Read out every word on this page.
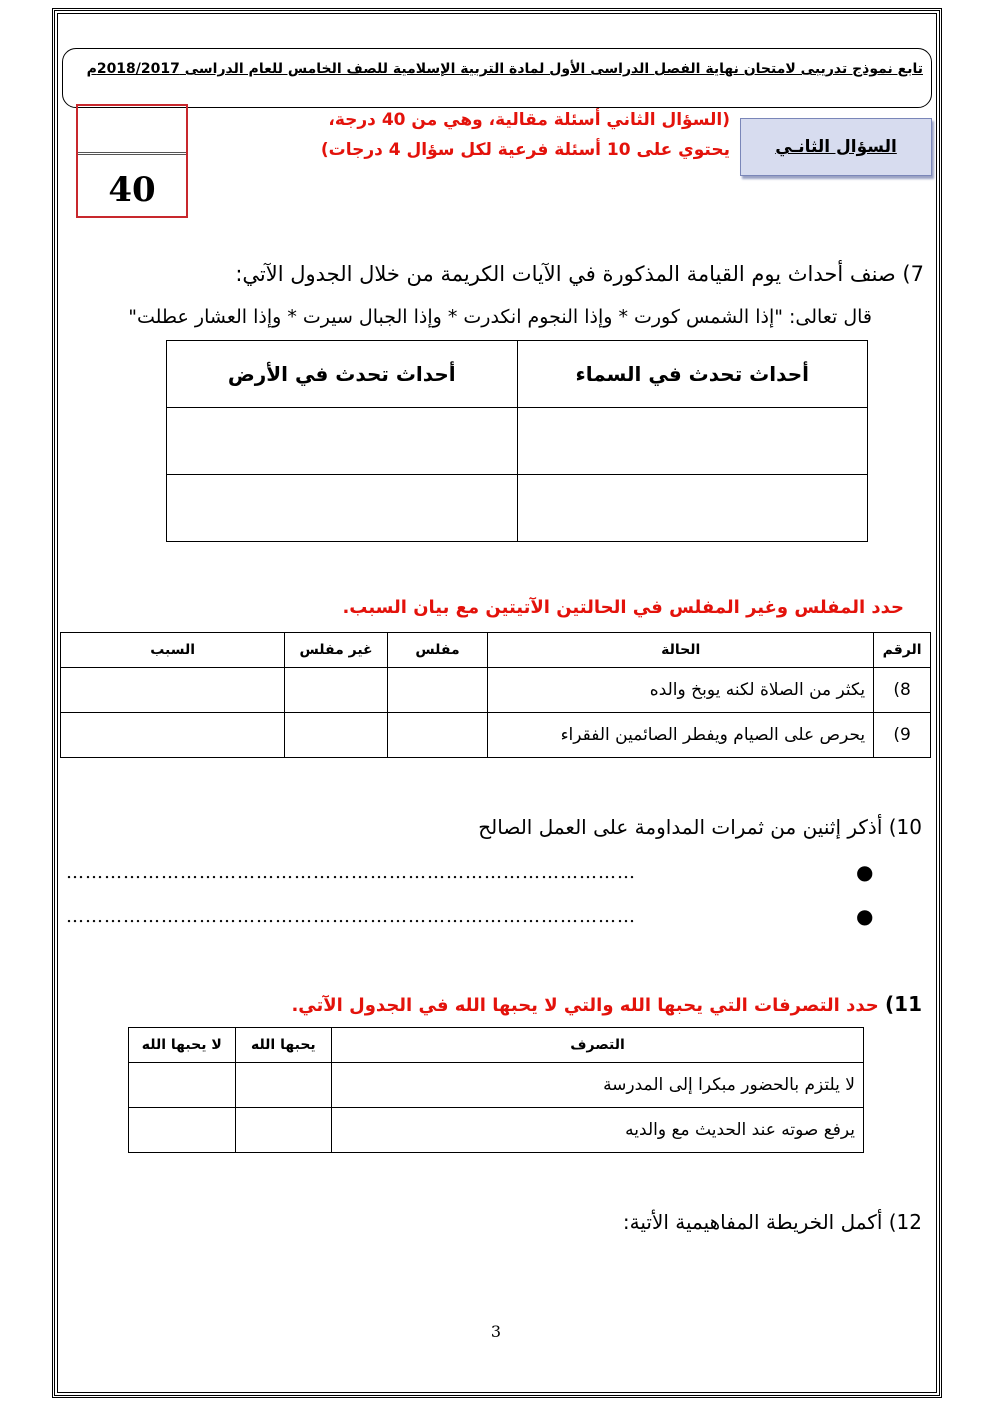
تابع نموذج تدريبى لامتحان نهاية الفصل الدراسى الأول لمادة التربية الإسلامية للصف الخامس للعام الدراسى 2018/2017م
السؤال الثانـي
(السؤال الثاني أسئلة مقالية، وهي من 40 درجة،
يحتوي على 10 أسئلة فرعية لكل سؤال 4 درجات)
40
7) صنف أحداث يوم القيامة المذكورة في الآيات الكريمة من خلال الجدول الآتي:
قال تعالى: "إذا الشمس كورت * وإذا النجوم انكدرت * وإذا الجبال سيرت * وإذا العشار عطلت"
أحداث تحدث في السماء	أحداث تحدث في الأرض

حدد المفلس وغير المفلس في الحالتين الآتيتين مع بيان السبب.
الرقم	الحالة	مفلس	غير مفلس	السبب
8)	يكثر من الصلاة لكنه يوبخ والده			
9)	يحرص على الصيام ويفطر الصائمين الفقراء			
10) أذكر إثنين من ثمرات المداومة على العمل الصالح
●
………………………………………………………………………………
●
………………………………………………………………………………
11) حدد التصرفات التي يحبها الله والتي لا يحبها الله في الجدول الآتي.
التصرف	يحبها الله	لا يحبها الله
لا يلتزم بالحضور مبكرا إلى المدرسة		
يرفع صوته عند الحديث مع والديه		
12) أكمل الخريطة المفاهيمية الأتية:
3
